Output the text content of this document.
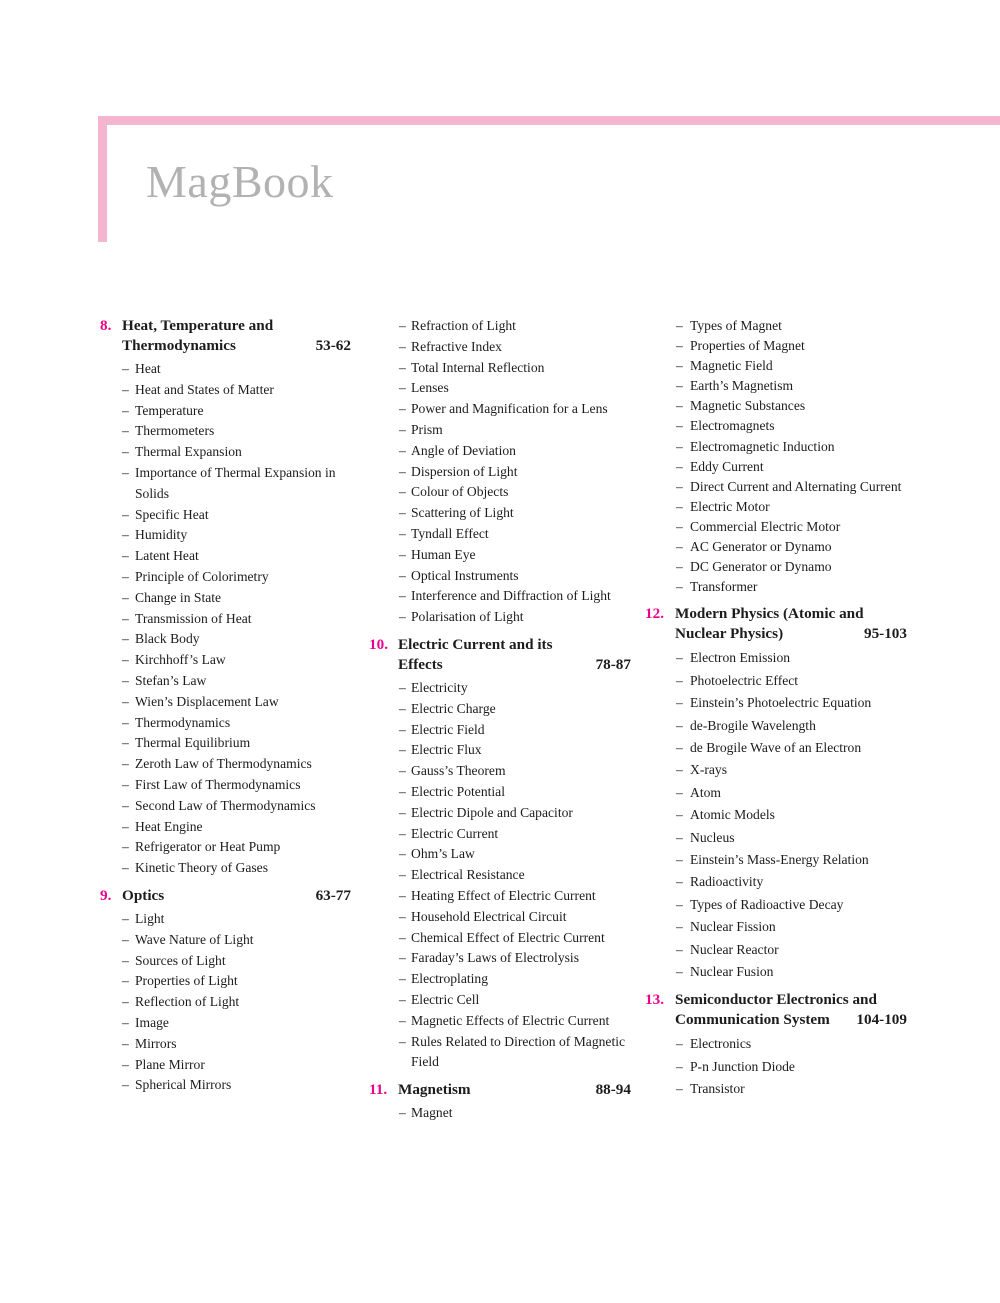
MagBook
8. Heat, Temperature and Thermodynamics	53-62
– Heat
– Heat and States of Matter
– Temperature
– Thermometers
– Thermal Expansion
– Importance of Thermal Expansion in Solids
– Specific Heat
– Humidity
– Latent Heat
– Principle of Colorimetry
– Change in State
– Transmission of Heat
– Black Body
– Kirchhoff’s Law
– Stefan’s Law
– Wien’s Displacement Law
– Thermodynamics
– Thermal Equilibrium
– Zeroth Law of Thermodynamics
– First Law of Thermodynamics
– Second Law of Thermodynamics
– Heat Engine
– Refrigerator or Heat Pump
– Kinetic Theory of Gases
9. Optics	63-77
– Light
– Wave Nature of Light
– Sources of Light
– Properties of Light
– Reflection of Light
– Image
– Mirrors
– Plane Mirror
– Spherical Mirrors
– Refraction of Light
– Refractive Index
– Total Internal Reflection
– Lenses
– Power and Magnification for a Lens
– Prism
– Angle of Deviation
– Dispersion of Light
– Colour of Objects
– Scattering of Light
– Tyndall Effect
– Human Eye
– Optical Instruments
– Interference and Diffraction of Light
– Polarisation of Light
10. Electric Current and its Effects	78-87
– Electricity
– Electric Charge
– Electric Field
– Electric Flux
– Gauss’s Theorem
– Electric Potential
– Electric Dipole and Capacitor
– Electric Current
– Ohm’s Law
– Electrical Resistance
– Heating Effect of Electric Current
– Household Electrical Circuit
– Chemical Effect of Electric Current
– Faraday’s Laws of Electrolysis
– Electroplating
– Electric Cell
– Magnetic Effects of Electric Current
– Rules Related to Direction of Magnetic Field
11. Magnetism	88-94
– Magnet
– Types of Magnet
– Properties of Magnet
– Magnetic Field
– Earth’s Magnetism
– Magnetic Substances
– Electromagnets
– Electromagnetic Induction
– Eddy Current
– Direct Current and Alternating Current
– Electric Motor
– Commercial Electric Motor
– AC Generator or Dynamo
– DC Generator or Dynamo
– Transformer
12. Modern Physics (Atomic and Nuclear Physics)	95-103
– Electron Emission
– Photoelectric Effect
– Einstein’s Photoelectric Equation
– de-Brogile Wavelength
– de Brogile Wave of an Electron
– X-rays
– Atom
– Atomic Models
– Nucleus
– Einstein’s Mass-Energy Relation
– Radioactivity
– Types of Radioactive Decay
– Nuclear Fission
– Nuclear Reactor
– Nuclear Fusion
13. Semiconductor Electronics and Communication System	104-109
– Electronics
– P-n Junction Diode
– Transistor
